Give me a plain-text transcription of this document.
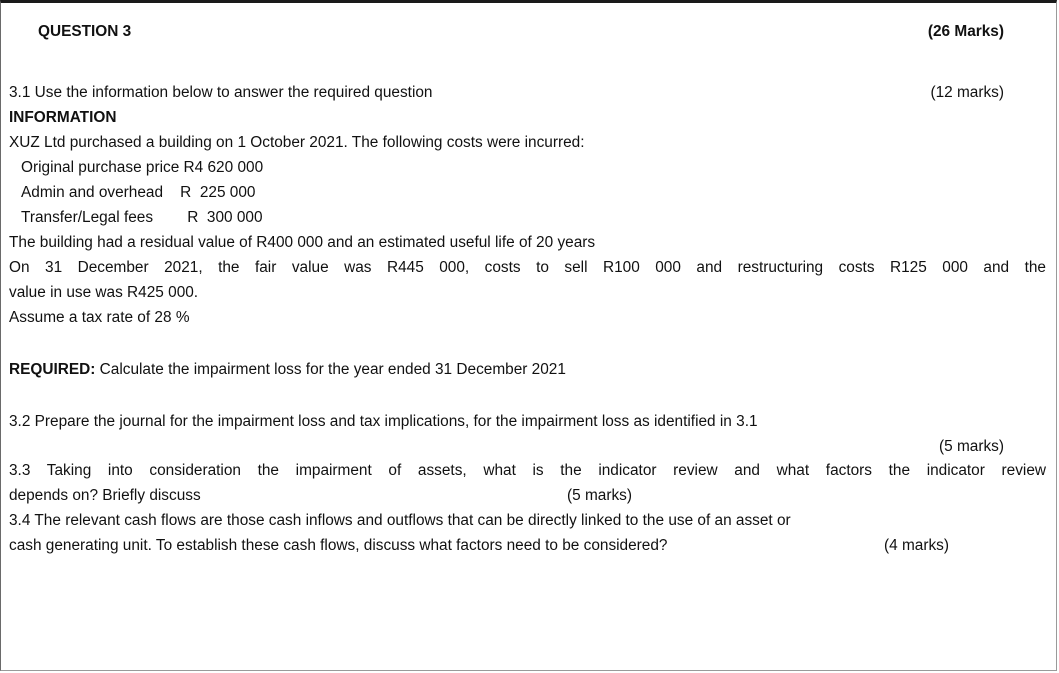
QUESTION 3	(26 Marks)
3.1 Use the information below to answer the required question	(12 marks)
INFORMATION
XUZ Ltd purchased a building on 1 October 2021. The following costs were incurred:
Original purchase price R4 620 000
Admin and overhead R  225 000
Transfer/Legal fees R  300 000
The building had a residual value of R400 000 and an estimated useful life of 20 years
On 31 December 2021, the fair value was R445 000, costs to sell R100 000 and restructuring costs R125 000 and the
value in use was R425 000.
Assume a tax rate of 28 %
REQUIRED: Calculate the impairment loss for the year ended 31 December 2021
3.2 Prepare the journal for the impairment loss and tax implications, for the impairment loss as identified in 3.1
(5 marks)
3.3 Taking into consideration the impairment of assets, what is the indicator review and what factors the indicator review
depends on? Briefly discuss	(5 marks)
3.4 The relevant cash flows are those cash inflows and outflows that can be directly linked to the use of an asset or
cash generating unit. To establish these cash flows, discuss what factors need to be considered?	(4 marks)
